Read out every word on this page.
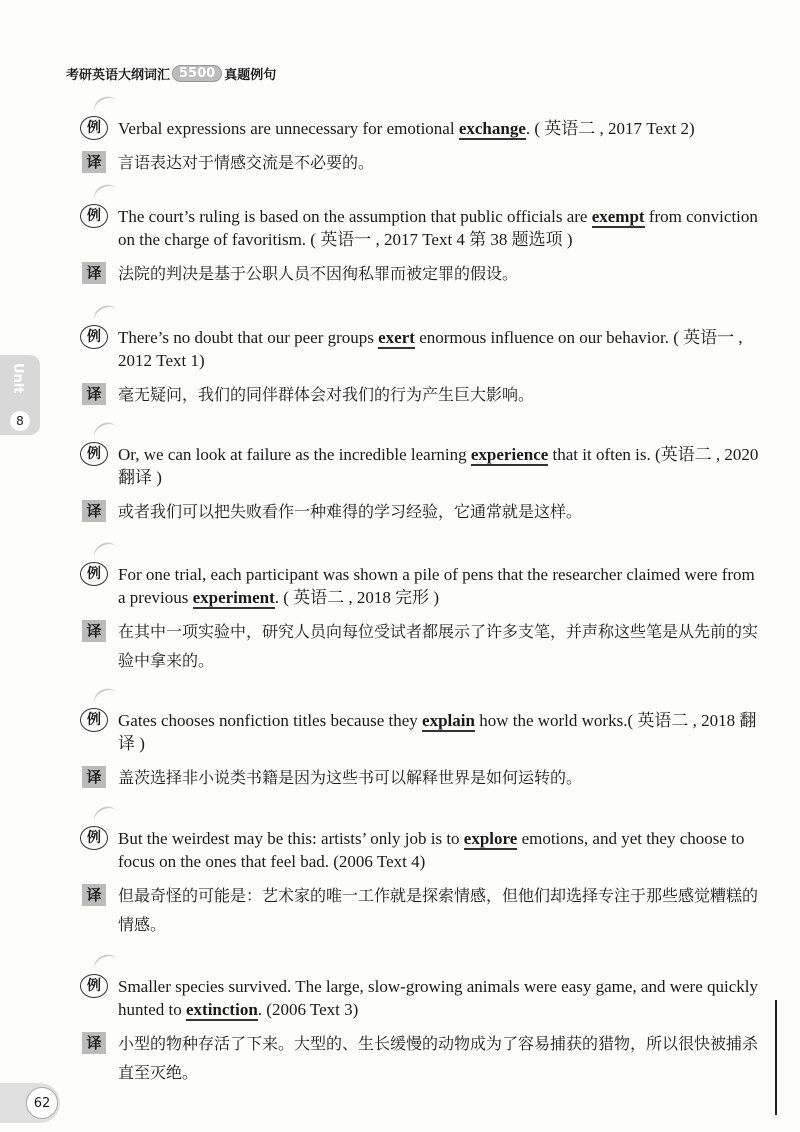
考研英语大纲词汇 5500 真题例句
Unit
8
例	Verbal expressions are unnecessary for emotional exchange. ( 英语二 , 2017 Text 2)
译 言语表达对于情感交流是不必要的。
例	The court’s ruling is based on the assumption that public officials are exempt from conviction on the charge of favoritism. ( 英语一 , 2017 Text 4 第 38 题选项 )
译 法院的判决是基于公职人员不因徇私罪而被定罪的假设。
例	There’s no doubt that our peer groups exert enormous influence on our behavior. ( 英语一 , 2012 Text 1)
译 毫无疑问，我们的同伴群体会对我们的行为产生巨大影响。
例	Or, we can look at failure as the incredible learning experience that it often is. (英语二 , 2020 翻译 )
译 或者我们可以把失败看作一种难得的学习经验，它通常就是这样。
例	For one trial, each participant was shown a pile of pens that the researcher claimed were from a previous experiment. ( 英语二 , 2018 完形 )
译 在其中一项实验中，研究人员向每位受试者都展示了许多支笔，并声称这些笔是从先前的实验中拿来的。
例	Gates chooses nonfiction titles because they explain how the world works.( 英语二 , 2018 翻译 )
译 盖茨选择非小说类书籍是因为这些书可以解释世界是如何运转的。
例	But the weirdest may be this: artists’ only job is to explore emotions, and yet they choose to focus on the ones that feel bad. (2006 Text 4)
译 但最奇怪的可能是：艺术家的唯一工作就是探索情感，但他们却选择专注于那些感觉糟糕的情感。
例	Smaller species survived. The large, slow-growing animals were easy game, and were quickly hunted to extinction. (2006 Text 3)
译 小型的物种存活了下来。大型的、生长缓慢的动物成为了容易捕获的猎物，所以很快被捕杀直至灭绝。
62
